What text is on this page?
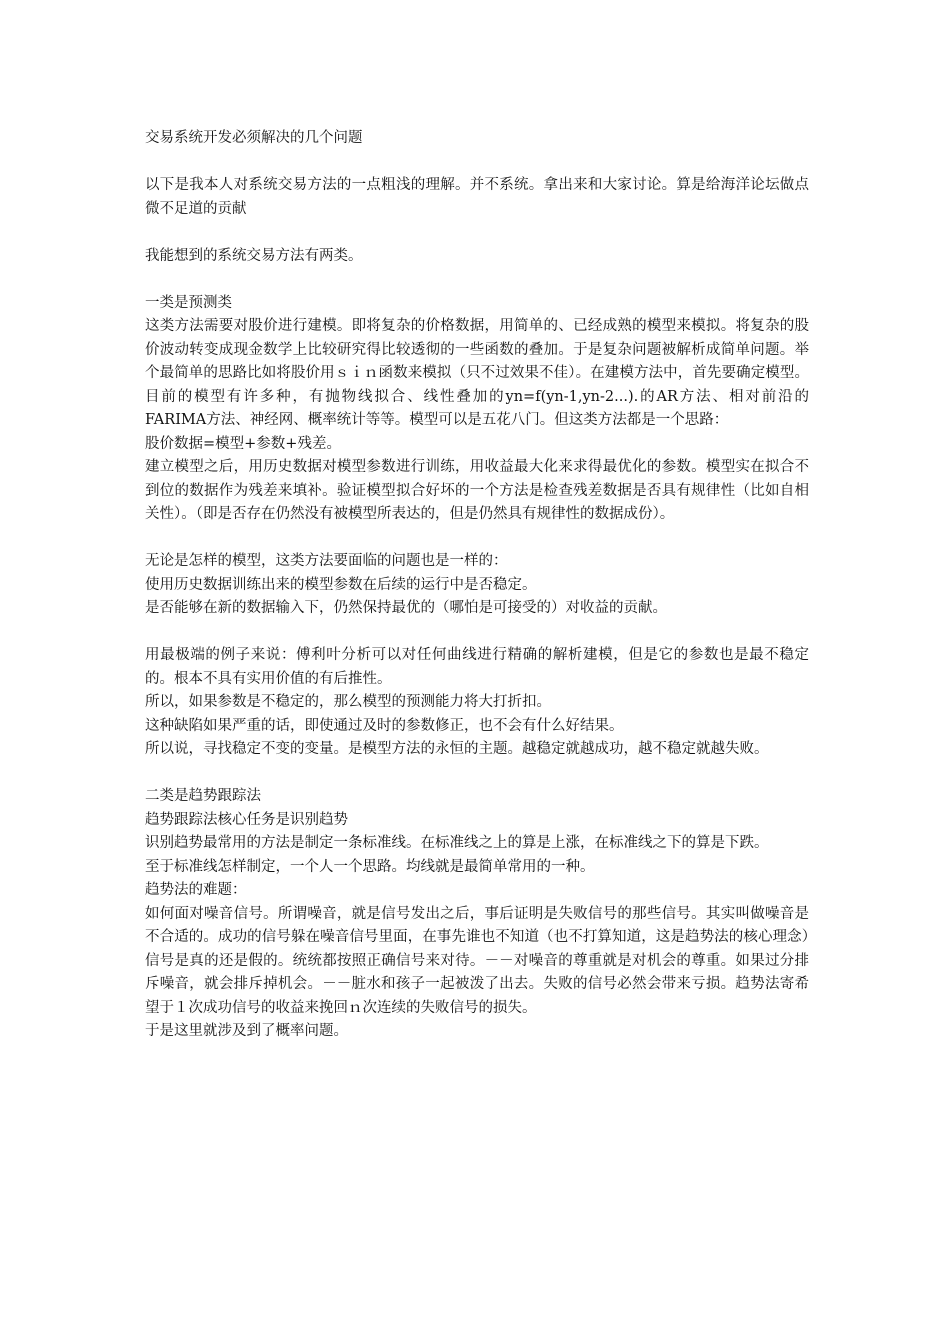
交易系统开发必须解决的几个问题

以下是我本人对系统交易方法的一点粗浅的理解。并不系统。拿出来和大家讨论。算是给海洋论坛做点微不足道的贡献

我能想到的系统交易方法有两类。

一类是预测类

这类方法需要对股价进行建模。即将复杂的价格数据，用简单的、已经成熟的模型来模拟。将复杂的股价波动转变成现金数学上比较研究得比较透彻的一些函数的叠加。于是复杂问题被解析成简单问题。举个最简单的思路比如将股价用ｓｉｎ函数来模拟（只不过效果不佳）。在建模方法中，首先要确定模型。目前的模型有许多种，有抛物线拟合、线性叠加的yn=f(yn-1,yn-2...).的AR方法、相对前沿的FARIMA方法、神经网、概率统计等等。模型可以是五花八门。但这类方法都是一个思路：

股价数据=模型+参数+残差。

建立模型之后，用历史数据对模型参数进行训练，用收益最大化来求得最优化的参数。模型实在拟合不到位的数据作为残差来填补。验证模型拟合好坏的一个方法是检查残差数据是否具有规律性（比如自相关性）。（即是否存在仍然没有被模型所表达的，但是仍然具有规律性的数据成份）。

无论是怎样的模型，这类方法要面临的问题也是一样的：

使用历史数据训练出来的模型参数在后续的运行中是否稳定。

是否能够在新的数据输入下，仍然保持最优的（哪怕是可接受的）对收益的贡献。

用最极端的例子来说：傅利叶分析可以对任何曲线进行精确的解析建模，但是它的参数也是最不稳定的。根本不具有实用价值的有后推性。

所以，如果参数是不稳定的，那么模型的预测能力将大打折扣。

这种缺陷如果严重的话，即使通过及时的参数修正，也不会有什么好结果。

所以说，寻找稳定不变的变量。是模型方法的永恒的主题。越稳定就越成功，越不稳定就越失败。

二类是趋势跟踪法

趋势跟踪法核心任务是识别趋势

识别趋势最常用的方法是制定一条标准线。在标准线之上的算是上涨，在标准线之下的算是下跌。

至于标准线怎样制定，一个人一个思路。均线就是最简单常用的一种。

趋势法的难题：

如何面对噪音信号。所谓噪音，就是信号发出之后，事后证明是失败信号的那些信号。其实叫做噪音是不合适的。成功的信号躲在噪音信号里面，在事先谁也不知道（也不打算知道，这是趋势法的核心理念）信号是真的还是假的。统统都按照正确信号来对待。－－对噪音的尊重就是对机会的尊重。如果过分排斥噪音，就会排斥掉机会。－－脏水和孩子一起被泼了出去。失败的信号必然会带来亏损。趋势法寄希望于１次成功信号的收益来挽回ｎ次连续的失败信号的损失。

于是这里就涉及到了概率问题。
